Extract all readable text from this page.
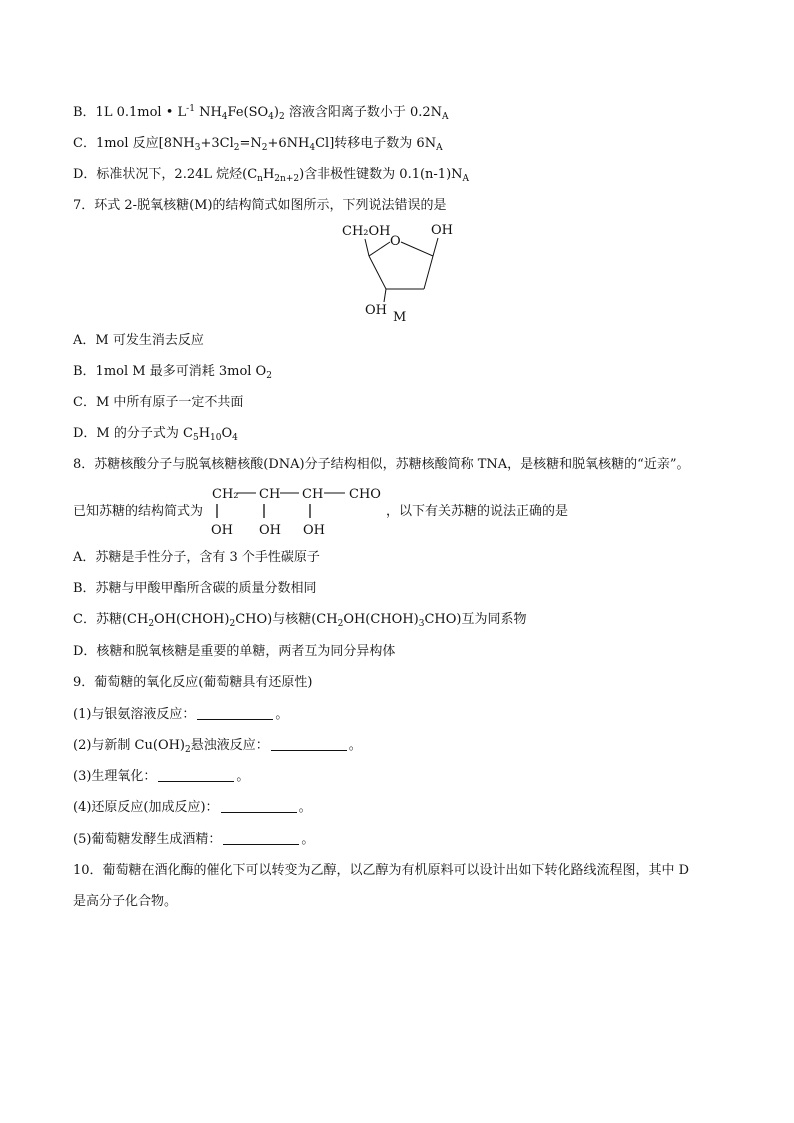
B．1L 0.1mol • $L^{-1}$ $NH_4Fe(SO_4)_2$ 溶液含阳离子数小于 $0.2N_A$
C．1mol 反应$[8NH_3+3Cl_2=N_2+6NH_4Cl]$转移电子数为 $6N_A$
D．标准状况下，2.24L 烷烃$(C_nH_{2n+2})$含非极性键数为 $0.1(n-1)N_A$
7．环式 2-脱氧核糖(M)的结构简式如图所示，下列说法错误的是
CH₂OH
O
OH
OH M
A．M 可发生消去反应
B．1mol M 最多可消耗 3mol $O_2$
C．M 中所有原子一定不共面
D．M 的分子式为 $C_5H_{10}O_4$
8．苏糖核酸分子与脱氧核糖核酸(DNA)分子结构相似，苏糖核酸简称 TNA，是核糖和脱氧核糖的“近亲”。
已知苏糖的结构简式为
CH₂ CH CH CHO
OH OH OH
，以下有关苏糖的说法正确的是
A．苏糖是手性分子，含有 3 个手性碳原子
B．苏糖与甲酸甲酯所含碳的质量分数相同
C．苏糖$(CH_2OH(CHOH)_2CHO)$与核糖$(CH_2OH(CHOH)_3CHO)$互为同系物
D．核糖和脱氧核糖是重要的单糖，两者互为同分异构体
9．葡萄糖的氧化反应(葡萄糖具有还原性)
(1)与银氨溶液反应：	。
(2)与新制 $Cu(OH)_2$悬浊液反应：	。
(3)生理氧化：	。
(4)还原反应(加成反应)：	。
(5)葡萄糖发酵生成酒精：	。
10．葡萄糖在酒化酶的催化下可以转变为乙醇，以乙醇为有机原料可以设计出如下转化路线流程图，其中 D
是高分子化合物。
